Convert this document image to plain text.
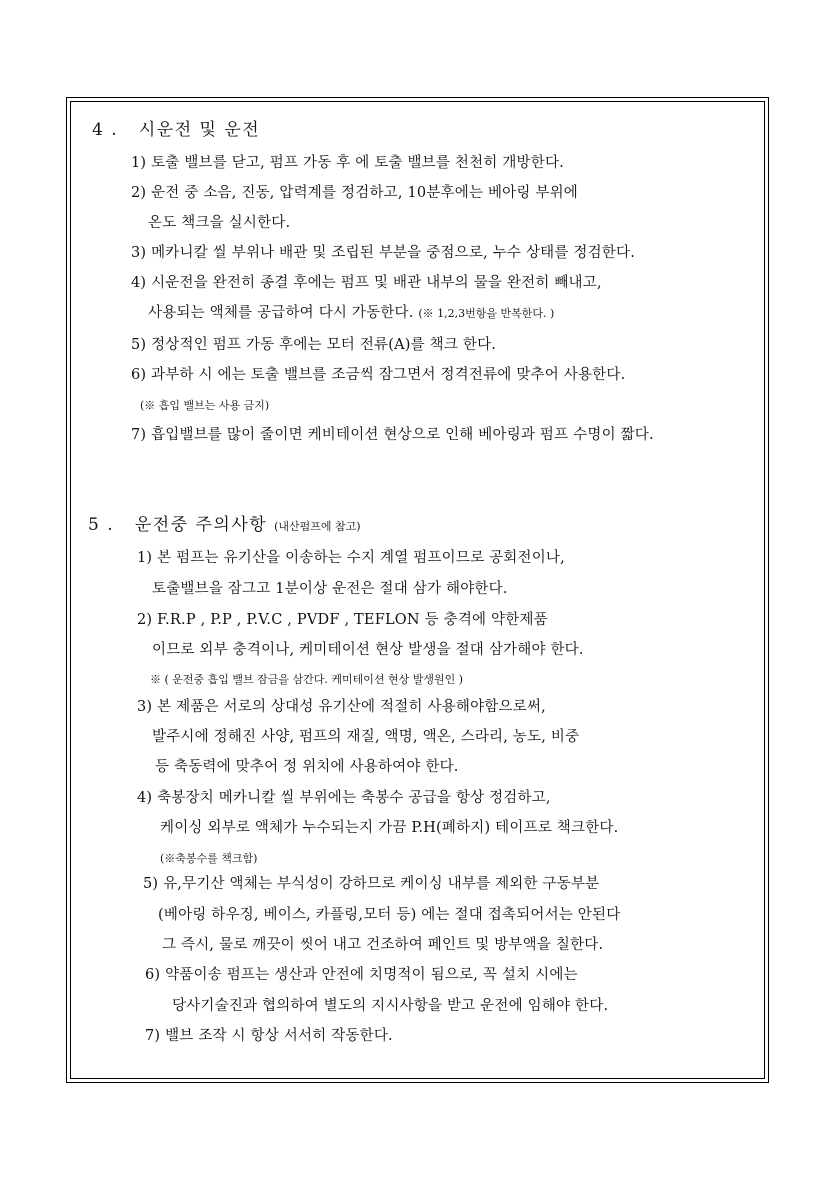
4 . 시운전 및 운전
1) 토출 밸브를 닫고, 펌프 가동 후 에 토출 밸브를 천천히 개방한다.
2) 운전 중 소음, 진동, 압력계를 정검하고, 10분후에는 베아링 부위에
온도 책크을 실시한다.
3) 메카니칼 씰 부위나 배관 및 조립된 부분을 중점으로, 누수 상태를 정검한다.
4) 시운전을 완전히 종결 후에는 펌프 및 배관 내부의 물을 완전히 빼내고,
사용되는 액체를 공급하여 다시 가동한다. (※ 1,2,3번항을 반복한다. )
5) 정상적인 펌프 가동 후에는 모터 전류(A)를 책크 한다.
6) 과부하 시 에는 토출 밸브를 조금씩 잠그면서 정격전류에 맞추어 사용한다.
(※ 흡입 밸브는 사용 금지)
7) 흡입밸브를 많이 줄이면 케비테이션 현상으로 인해 베아링과 펌프 수명이 짧다.
5 . 운전중 주의사항 (내산펌프에 참고)
1) 본 펌프는 유기산을 이송하는 수지 계열 펌프이므로 공회전이나,
토출밸브을 잠그고 1분이상 운전은 절대 삼가 해야한다.
2) F.R.P , P.P , P.V.C , PVDF , TEFLON 등 충격에 약한제품
이므로 외부 충격이나, 케미테이션 현상 발생을 절대 삼가해야 한다.
※ ( 운전중 흡입 밸브 잠금을 삼간다. 케미테이션 현상 발생원인 )
3) 본 제품은 서로의 상대성 유기산에 적절히 사용해야함으로써,
발주시에 정해진 사양, 펌프의 재질, 액명, 액온, 스라리, 농도, 비중
등 축동력에 맞추어 정 위치에 사용하여야 한다.
4) 축봉장치 메카니칼 씰 부위에는 축봉수 공급을 항상 정검하고,
케이싱 외부로 액체가 누수되는지 가끔 P.H(폐하지) 테이프로 책크한다.
(※축봉수를 책크함)
5) 유,무기산 액체는 부식성이 강하므로 케이싱 내부를 제외한 구동부분
(베아링 하우징, 베이스, 카플링,모터 등) 에는 절대 접촉되어서는 안된다
그 즉시, 물로 깨끗이 씻어 내고 건조하여 페인트 및 방부액을 칠한다.
6) 약품이송 펌프는 생산과 안전에 치명적이 됨으로, 꼭 설치 시에는
당사기술진과 협의하여 별도의 지시사항을 받고 운전에 임해야 한다.
7) 밸브 조작 시 항상 서서히 작동한다.
